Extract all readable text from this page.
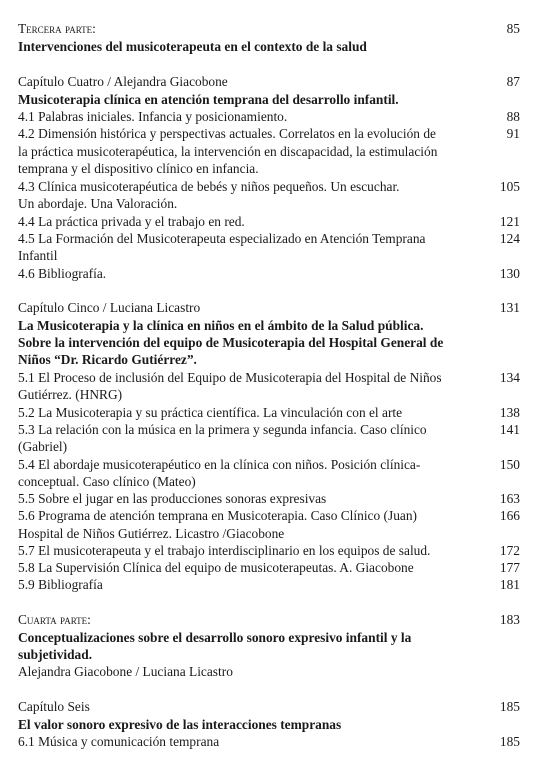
Tercera parte:	85
Intervenciones del musicoterapeuta en el contexto de la salud
Capítulo Cuatro / Alejandra Giacobone	87
Musicoterapia clínica en atención temprana del desarrollo infantil.
4.1 Palabras iniciales. Infancia y posicionamiento.	88
4.2 Dimensión histórica y perspectivas actuales. Correlatos en la evolución de	91
la práctica musicoterapéutica, la intervención en discapacidad, la estimulación
temprana y el dispositivo clínico en infancia.
4.3 Clínica musicoterapéutica de bebés y niños pequeños. Un escuchar.	105
Un abordaje. Una Valoración.
4.4 La práctica privada y el trabajo en red.	121
4.5 La Formación del Musicoterapeuta especializado en Atención Temprana	124
Infantil
4.6 Bibliografía.	130
Capítulo Cinco / Luciana Licastro	131
La Musicoterapia y la clínica en niños en el ámbito de la Salud pública.
Sobre la intervención del equipo de Musicoterapia del Hospital General de
Niños “Dr. Ricardo Gutiérrez”.
5.1 El Proceso de inclusión del Equipo de Musicoterapia del Hospital de Niños	134
Gutiérrez. (HNRG)
5.2 La Musicoterapia y su práctica científica. La vinculación con el arte	138
5.3 La relación con la música en la primera y segunda infancia. Caso clínico	141
(Gabriel)
5.4 El abordaje musicoterapéutico en la clínica con niños. Posición clínica-	150
conceptual. Caso clínico (Mateo)
5.5 Sobre el jugar en las producciones sonoras expresivas	163
5.6 Programa de atención temprana en Musicoterapia. Caso Clínico (Juan)	166
Hospital de Niños Gutiérrez. Licastro /Giacobone
5.7 El musicoterapeuta y el trabajo interdisciplinario en los equipos de salud.	172
5.8 La Supervisión Clínica del equipo de musicoterapeutas. A. Giacobone	177
5.9 Bibliografía	181
Cuarta parte:	183
Conceptualizaciones sobre el desarrollo sonoro expresivo infantil y la
subjetividad.
Alejandra Giacobone / Luciana Licastro
Capítulo Seis	185
El valor sonoro expresivo de las interacciones tempranas
6.1 Música y comunicación temprana	185
